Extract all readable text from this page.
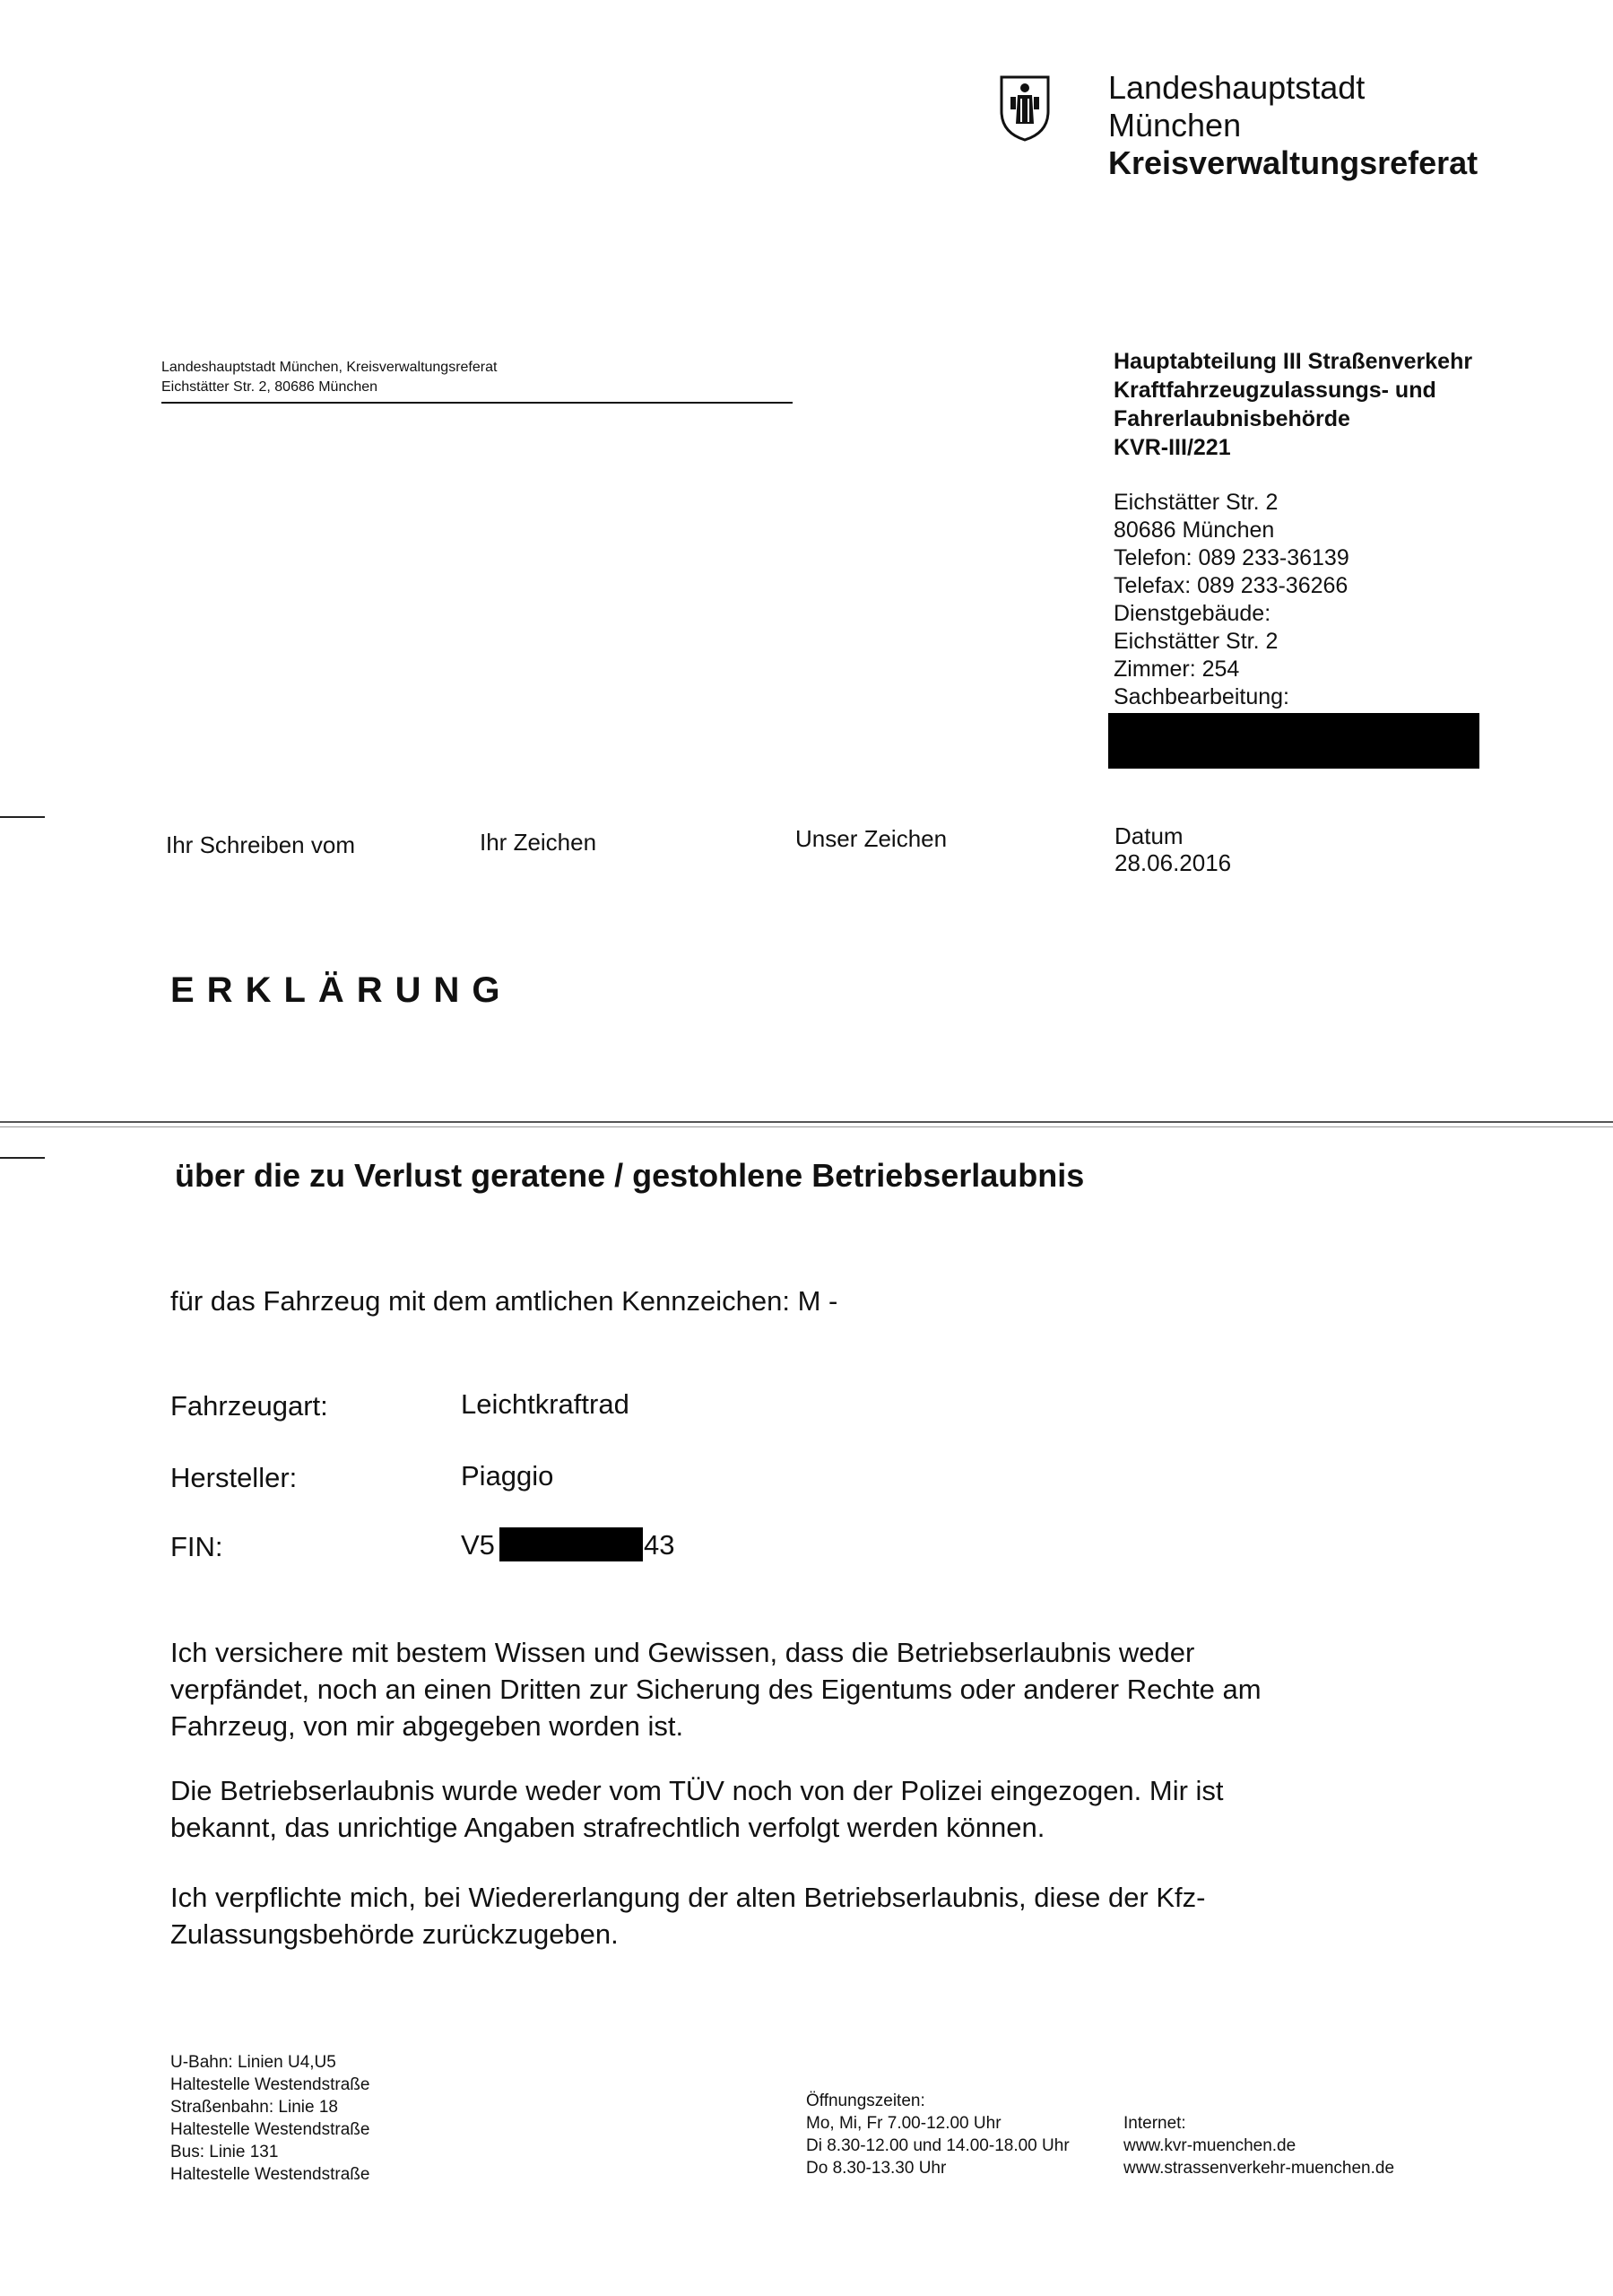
Landeshauptstadt
München
Kreisverwaltungsreferat
Landeshauptstadt München, Kreisverwaltungsreferat
Eichstätter Str. 2, 80686 München
Hauptabteilung III Straßenverkehr
Kraftfahrzeugzulassungs- und
Fahrerlaubnisbehörde
KVR-III/221
Eichstätter Str. 2
80686 München
Telefon: 089 233-36139
Telefax: 089 233-36266
Dienstgebäude:
Eichstätter Str. 2
Zimmer: 254
Sachbearbeitung:
Ihr Schreiben vom	Ihr Zeichen	Unser Zeichen	Datum
28.06.2016
ERKLÄRUNG
über die zu Verlust geratene / gestohlene Betriebserlaubnis
für das Fahrzeug mit dem amtlichen Kennzeichen: M -
Fahrzeugart:	Leichtkraftrad
Hersteller:	Piaggio
FIN:	V5	43
Ich versichere mit bestem Wissen und Gewissen, dass die Betriebserlaubnis weder verpfändet, noch an einen Dritten zur Sicherung des Eigentums oder anderer Rechte am Fahrzeug, von mir abgegeben worden ist.
Die Betriebserlaubnis wurde weder vom TÜV noch von der Polizei eingezogen. Mir ist bekannt, das unrichtige Angaben strafrechtlich verfolgt werden können.
Ich verpflichte mich, bei Wiedererlangung der alten Betriebserlaubnis, diese der Kfz-Zulassungsbehörde zurückzugeben.
U-Bahn: Linien U4,U5
Haltestelle Westendstraße
Straßenbahn: Linie 18
Haltestelle Westendstraße
Bus: Linie 131
Haltestelle Westendstraße
Öffnungszeiten:
Mo, Mi, Fr 7.00-12.00 Uhr
Di 8.30-12.00 und 14.00-18.00 Uhr
Do 8.30-13.30 Uhr
Internet:
www.kvr-muenchen.de
www.strassenverkehr-muenchen.de
